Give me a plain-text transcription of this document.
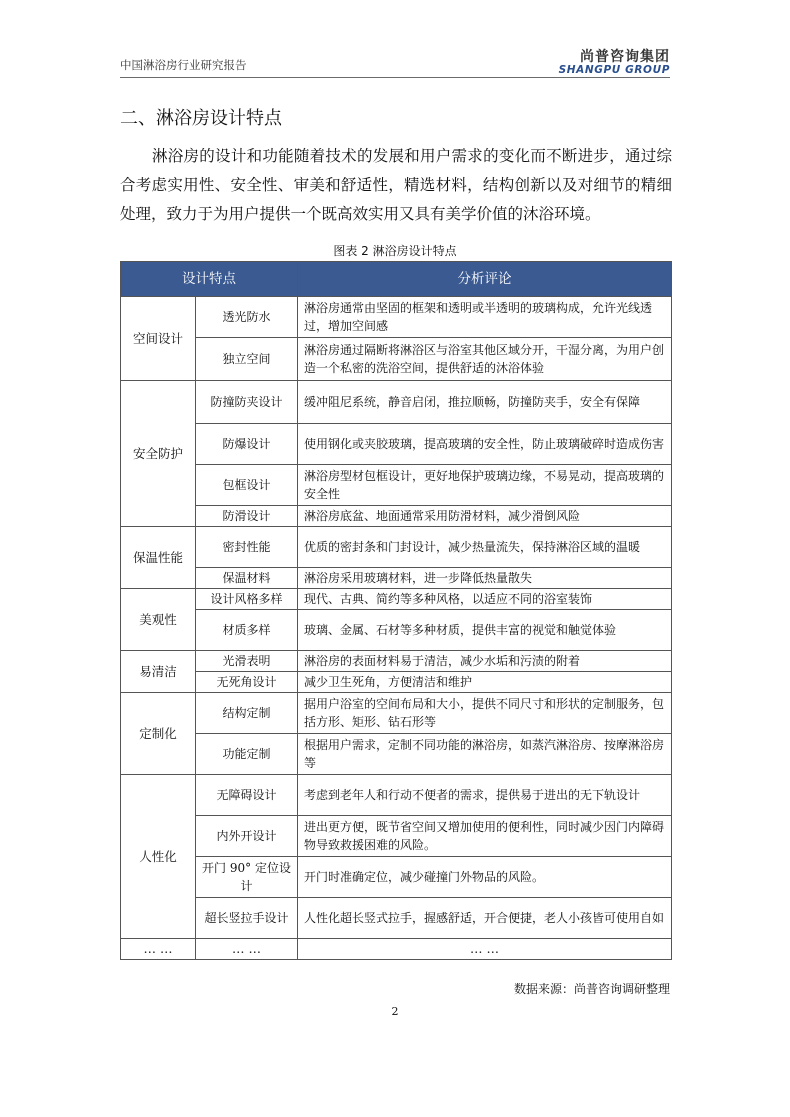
中国淋浴房行业研究报告	尚普咨询集团
SHANGPU GROUP
二、淋浴房设计特点

淋浴房的设计和功能随着技术的发展和用户需求的变化而不断进步，通过综合考虑实用性、安全性、审美和舒适性，精选材料，结构创新以及对细节的精细处理，致力于为用户提供一个既高效实用又具有美学价值的沐浴环境。

图表 2 淋浴房设计特点
设计特点		分析评论
空间设计	透光防水	淋浴房通常由坚固的框架和透明或半透明的玻璃构成，允许光线透过，增加空间感
	独立空间	淋浴房通过隔断将淋浴区与浴室其他区域分开，干湿分离，为用户创造一个私密的洗浴空间，提供舒适的沐浴体验
安全防护	防撞防夹设计	缓冲阻尼系统，静音启闭，推拉顺畅，防撞防夹手，安全有保障
	防爆设计	使用钢化或夹胶玻璃，提高玻璃的安全性，防止玻璃破碎时造成伤害
	包框设计	淋浴房型材包框设计，更好地保护玻璃边缘，不易晃动，提高玻璃的安全性
	防滑设计	淋浴房底盆、地面通常采用防滑材料，减少滑倒风险
保温性能	密封性能	优质的密封条和门封设计，减少热量流失，保持淋浴区域的温暖
	保温材料	淋浴房采用玻璃材料，进一步降低热量散失
美观性	设计风格多样	现代、古典、简约等多种风格，以适应不同的浴室装饰
	材质多样	玻璃、金属、石材等多种材质，提供丰富的视觉和触觉体验
易清洁	光滑表明	淋浴房的表面材料易于清洁，减少水垢和污渍的附着
	无死角设计	减少卫生死角，方便清洁和维护
定制化	结构定制	据用户浴室的空间布局和大小，提供不同尺寸和形状的定制服务，包括方形、矩形、钻石形等
	功能定制	根据用户需求，定制不同功能的淋浴房，如蒸汽淋浴房、按摩淋浴房等
人性化	无障碍设计	考虑到老年人和行动不便者的需求，提供易于进出的无下轨设计
	内外开设计	进出更方便，既节省空间又增加使用的便利性，同时减少因门内障碍物导致救援困难的风险。
	开门 90° 定位设计	开门时准确定位，减少碰撞门外物品的风险。
	超长竖拉手设计	人性化超长竖式拉手，握感舒适，开合便捷，老人小孩皆可使用自如
… …	… …	… …
数据来源：尚普咨询调研整理
2
